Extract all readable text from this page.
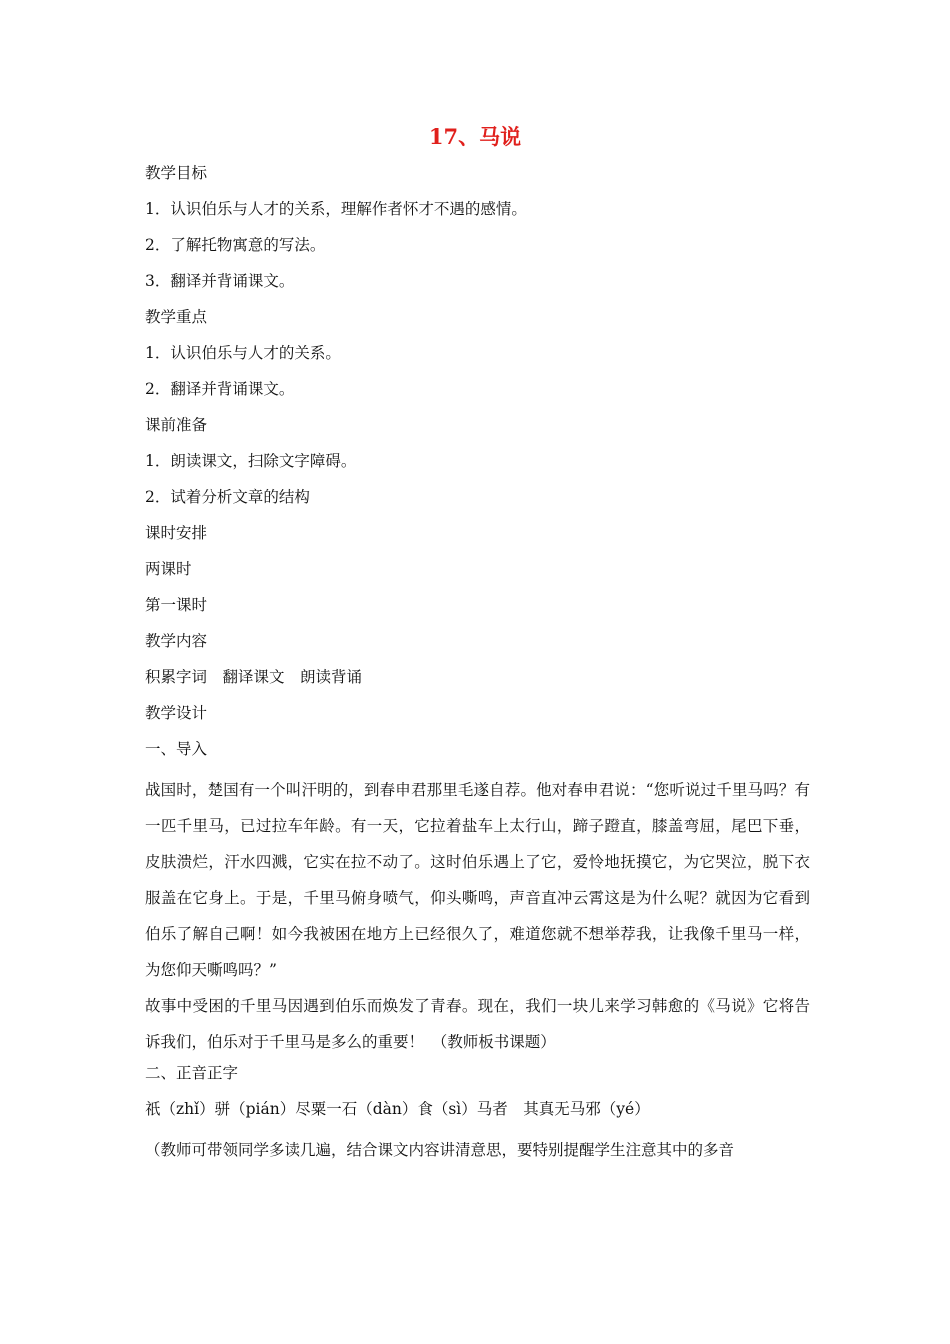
17、马说
教学目标
1．认识伯乐与人才的关系，理解作者怀才不遇的感情。
2．了解托物寓意的写法。
3．翻译并背诵课文。
教学重点
1．认识伯乐与人才的关系。
2．翻译并背诵课文。
课前准备
1．朗读课文，扫除文字障碍。
2．试着分析文章的结构
课时安排
两课时
第一课时
教学内容
积累字词　翻译课文　朗读背诵
教学设计
一、导入
战国时，楚国有一个叫汗明的，到春申君那里毛遂自荐。他对春申君说：“您听说过千里马吗？有一匹千里马，已过拉车年龄。有一天，它拉着盐车上太行山，蹄子蹬直，膝盖弯屈，尾巴下垂，皮肤溃烂，汗水四溅，它实在拉不动了。这时伯乐遇上了它，爱怜地抚摸它，为它哭泣，脱下衣服盖在它身上。于是，千里马俯身喷气，仰头嘶鸣，声音直冲云霄这是为什么呢？就因为它看到伯乐了解自己啊！如今我被困在地方上已经很久了，难道您就不想举荐我，让我像千里马一样，为您仰天嘶鸣吗？”
故事中受困的千里马因遇到伯乐而焕发了青春。现在，我们一块儿来学习韩愈的《马说》它将告诉我们，伯乐对于千里马是多么的重要！　（教师板书课题）
二、正音正字
祇（zhǐ）骈（pián）尽粟一石（dàn）食（sì）马者　其真无马邪（yé）
（教师可带领同学多读几遍，结合课文内容讲清意思，要特别提醒学生注意其中的多音
